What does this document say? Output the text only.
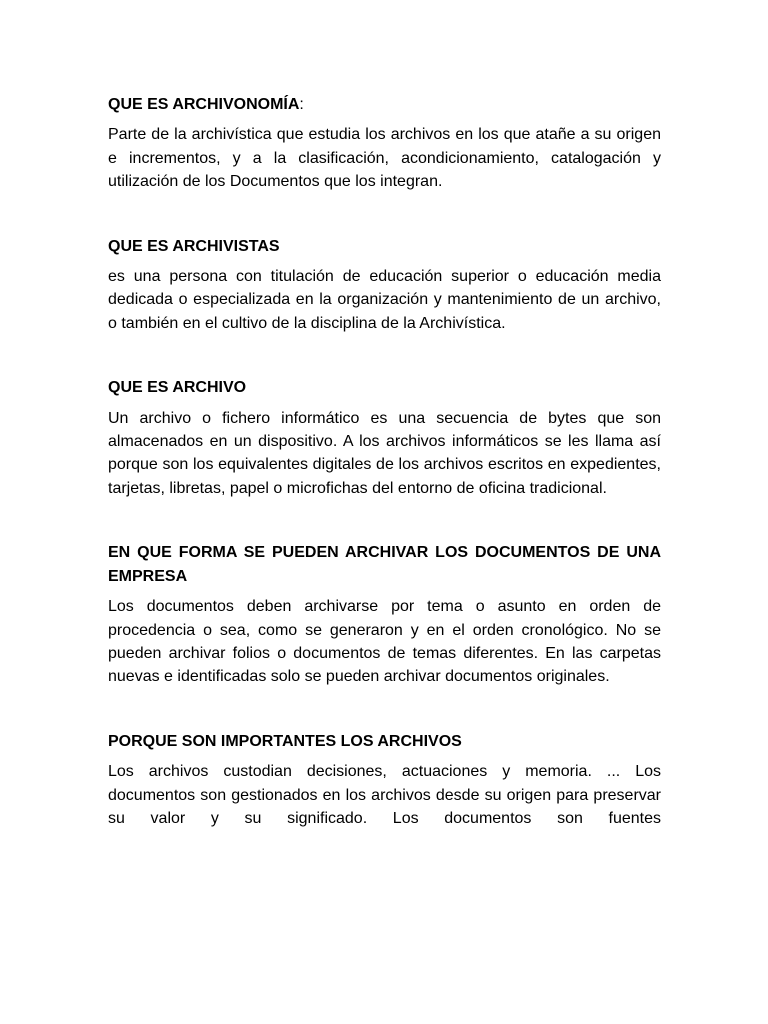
QUE ES ARCHIVONOMÍA:

Parte de la archivística que estudia los archivos en los que atañe a su origen e incrementos, y a la clasificación, acondicionamiento, catalogación y utilización de los Documentos que los integran.

QUE ES ARCHIVISTAS

es una persona con titulación de educación superior o educación media dedicada o especializada en la organización y mantenimiento de un archivo, o también en el cultivo de la disciplina de la Archivística.

QUE ES ARCHIVO

Un archivo o fichero informático es una secuencia de bytes que son almacenados en un dispositivo. A los archivos informáticos se les llama así porque son los equivalentes digitales de los archivos escritos en expedientes, tarjetas, libretas, papel o microfichas del entorno de oficina tradicional.

EN QUE FORMA SE PUEDEN ARCHIVAR LOS DOCUMENTOS DE UNA EMPRESA

Los documentos deben archivarse por tema o asunto en orden de procedencia o sea, como se generaron y en el orden cronológico. No se pueden archivar folios o documentos de temas diferentes. En las carpetas nuevas e identificadas solo se pueden archivar documentos originales.

PORQUE SON IMPORTANTES LOS ARCHIVOS

Los archivos custodian decisiones, actuaciones y memoria. ... Los documentos son gestionados en los archivos desde su origen para preservar su valor y su significado. Los documentos son fuentes
